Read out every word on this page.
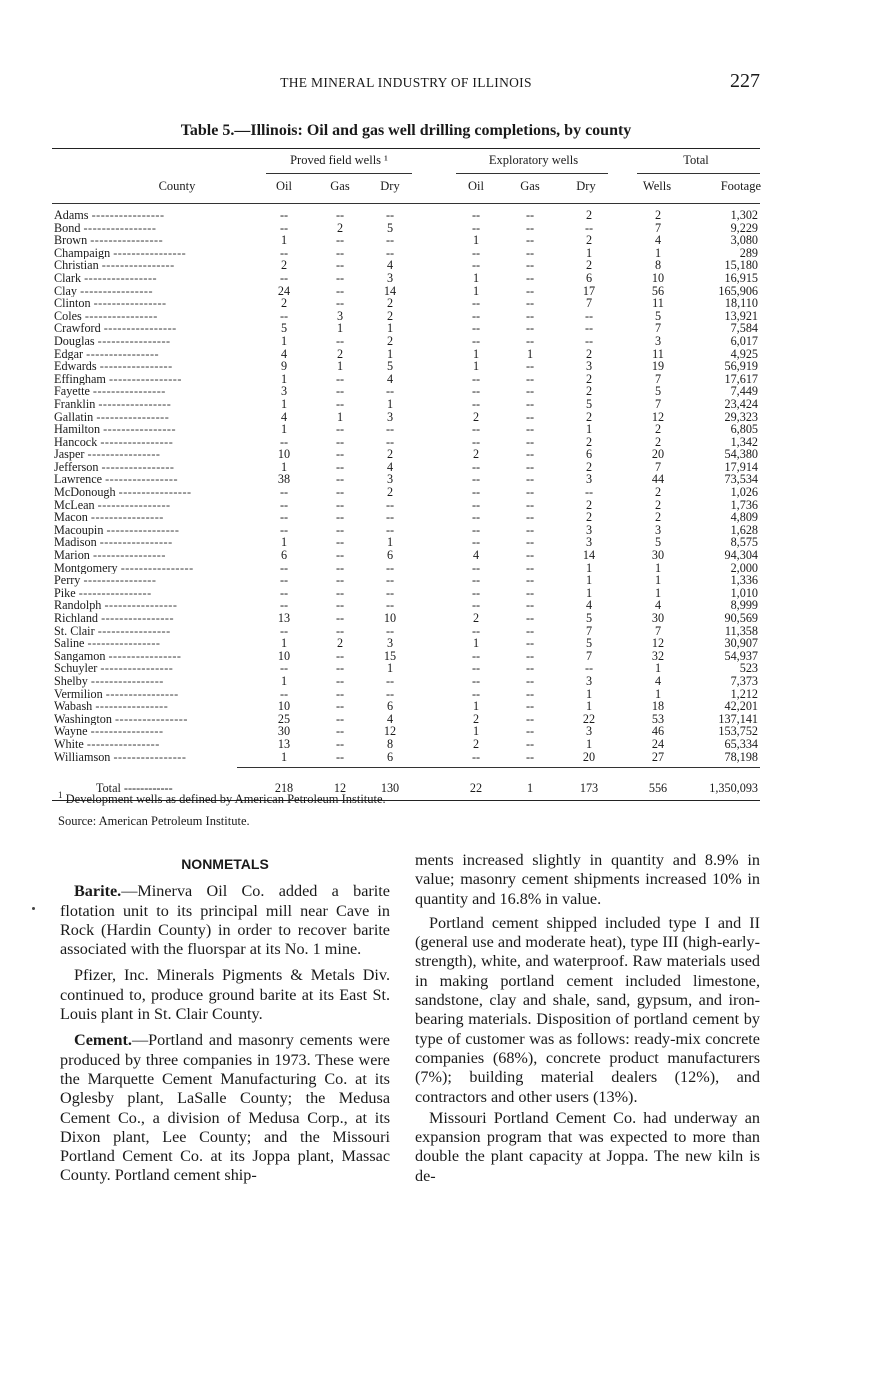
THE MINERAL INDUSTRY OF ILLINOIS	227
Table 5.—Illinois: Oil and gas well drilling completions, by county
Proved field wells ¹	Exploratory wells	Total
County	Oil	Gas	Dry	Oil	Gas	Dry	Wells	Footage
Adams ----------------	--	--	--	--	--	2	2	1,302
Bond ----------------	--	2	5	--	--	--	7	9,229
Brown ----------------	1	--	--	1	--	2	4	3,080
Champaign ----------------	--	--	--	--	--	1	1	289
Christian ----------------	2	--	4	--	--	2	8	15,180
Clark ----------------	--	--	3	1	--	6	10	16,915
Clay ----------------	24	--	14	1	--	17	56	165,906
Clinton ----------------	2	--	2	--	--	7	11	18,110
Coles ----------------	--	3	2	--	--	--	5	13,921
Crawford ----------------	5	1	1	--	--	--	7	7,584
Douglas ----------------	1	--	2	--	--	--	3	6,017
Edgar ----------------	4	2	1	1	1	2	11	4,925
Edwards ----------------	9	1	5	1	--	3	19	56,919
Effingham ----------------	1	--	4	--	--	2	7	17,617
Fayette ----------------	3	--	--	--	--	2	5	7,449
Franklin ----------------	1	--	1	--	--	5	7	23,424
Gallatin ----------------	4	1	3	2	--	2	12	29,323
Hamilton ----------------	1	--	--	--	--	1	2	6,805
Hancock ----------------	--	--	--	--	--	2	2	1,342
Jasper ----------------	10	--	2	2	--	6	20	54,380
Jefferson ----------------	1	--	4	--	--	2	7	17,914
Lawrence ----------------	38	--	3	--	--	3	44	73,534
McDonough ----------------	--	--	2	--	--	--	2	1,026
McLean ----------------	--	--	--	--	--	2	2	1,736
Macon ----------------	--	--	--	--	--	2	2	4,809
Macoupin ----------------	--	--	--	--	--	3	3	1,628
Madison ----------------	1	--	1	--	--	3	5	8,575
Marion ----------------	6	--	6	4	--	14	30	94,304
Montgomery ----------------	--	--	--	--	--	1	1	2,000
Perry ----------------	--	--	--	--	--	1	1	1,336
Pike ----------------	--	--	--	--	--	1	1	1,010
Randolph ----------------	--	--	--	--	--	4	4	8,999
Richland ----------------	13	--	10	2	--	5	30	90,569
St. Clair ----------------	--	--	--	--	--	7	7	11,358
Saline ----------------	1	2	3	1	--	5	12	30,907
Sangamon ----------------	10	--	15	--	--	7	32	54,937
Schuyler ----------------	--	--	1	--	--	--	1	523
Shelby ----------------	1	--	--	--	--	3	4	7,373
Vermilion ----------------	--	--	--	--	--	1	1	1,212
Wabash ----------------	10	--	6	1	--	1	18	42,201
Washington ----------------	25	--	4	2	--	22	53	137,141
Wayne ----------------	30	--	12	1	--	3	46	153,752
White ----------------	13	--	8	2	--	1	24	65,334
Williamson ----------------	1	--	6	--	--	20	27	78,198
Total ------------	218	12	130	22	1	173	556	1,350,093
$^1$ Development wells as defined by American Petroleum Institute.
Source: American Petroleum Institute.
NONMETALS

Barite.—Minerva Oil Co. added a barite flotation unit to its principal mill near Cave in Rock (Hardin County) in order to recover barite associated with the fluorspar at its No. 1 mine.

Pfizer, Inc. Minerals Pigments & Metals Div. continued to, produce ground barite at its East St. Louis plant in St. Clair County.

Cement.—Portland and masonry cements were produced by three companies in 1973. These were the Marquette Cement Manufacturing Co. at its Oglesby plant, LaSalle County; the Medusa Cement Co., a division of Medusa Corp., at its Dixon plant, Lee County; and the Missouri Portland Cement Co. at its Joppa plant, Massac County. Portland cement ship-

ments increased slightly in quantity and 8.9% in value; masonry cement shipments increased 10% in quantity and 16.8% in value.

Portland cement shipped included type I and II (general use and moderate heat), type III (high-early-strength), white, and waterproof. Raw materials used in making portland cement included limestone, sandstone, clay and shale, sand, gypsum, and iron-bearing materials. Disposition of portland cement by type of customer was as follows: ready-mix concrete companies (68%), concrete product manufacturers (7%); building material dealers (12%), and contractors and other users (13%).

Missouri Portland Cement Co. had underway an expansion program that was expected to more than double the plant capacity at Joppa. The new kiln is de-
